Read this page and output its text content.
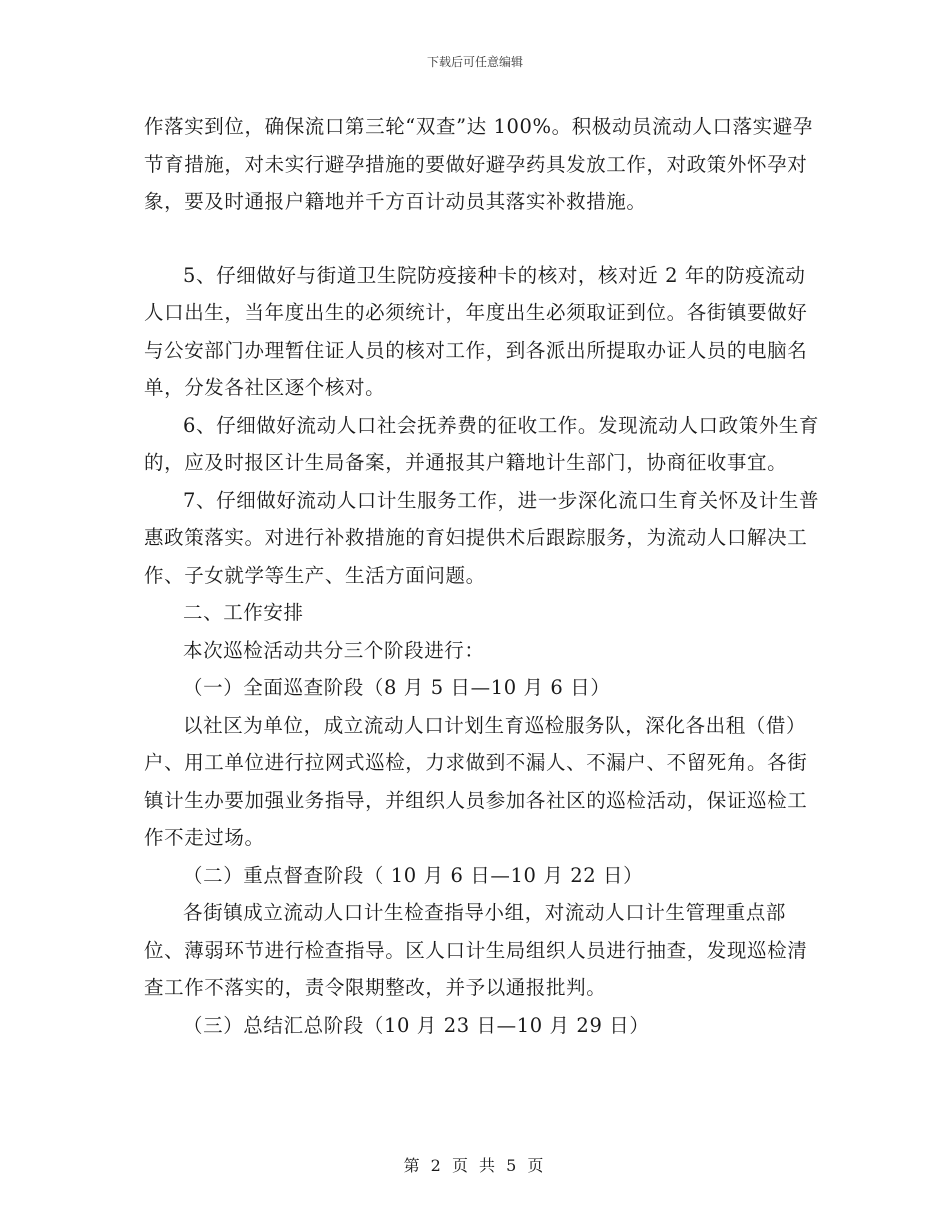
下载后可任意编辑

作落实到位，确保流口第三轮“双查”达 100%。积极动员流动人口落实避孕节育措施，对未实行避孕措施的要做好避孕药具发放工作，对政策外怀孕对象，要及时通报户籍地并千方百计动员其落实补救措施。

5、仔细做好与街道卫生院防疫接种卡的核对，核对近 2 年的防疫流动人口出生，当年度出生的必须统计，年度出生必须取证到位。各街镇要做好与公安部门办理暂住证人员的核对工作，到各派出所提取办证人员的电脑名单，分发各社区逐个核对。

6、仔细做好流动人口社会抚养费的征收工作。发现流动人口政策外生育的，应及时报区计生局备案，并通报其户籍地计生部门，协商征收事宜。

7、仔细做好流动人口计生服务工作，进一步深化流口生育关怀及计生普惠政策落实。对进行补救措施的育妇提供术后跟踪服务，为流动人口解决工作、子女就学等生产、生活方面问题。

二、工作安排

本次巡检活动共分三个阶段进行：

（一）全面巡查阶段（8 月 5 日—10 月 6 日）

以社区为单位，成立流动人口计划生育巡检服务队，深化各出租（借）户、用工单位进行拉网式巡检，力求做到不漏人、不漏户、不留死角。各街镇计生办要加强业务指导，并组织人员参加各社区的巡检活动，保证巡检工作不走过场。

（二）重点督查阶段（ 10 月 6 日—10 月 22 日）

各街镇成立流动人口计生检查指导小组，对流动人口计生管理重点部位、薄弱环节进行检查指导。区人口计生局组织人员进行抽查，发现巡检清查工作不落实的，责令限期整改，并予以通报批判。

（三）总结汇总阶段（10 月 23 日—10 月 29 日）

第 2 页 共 5 页
